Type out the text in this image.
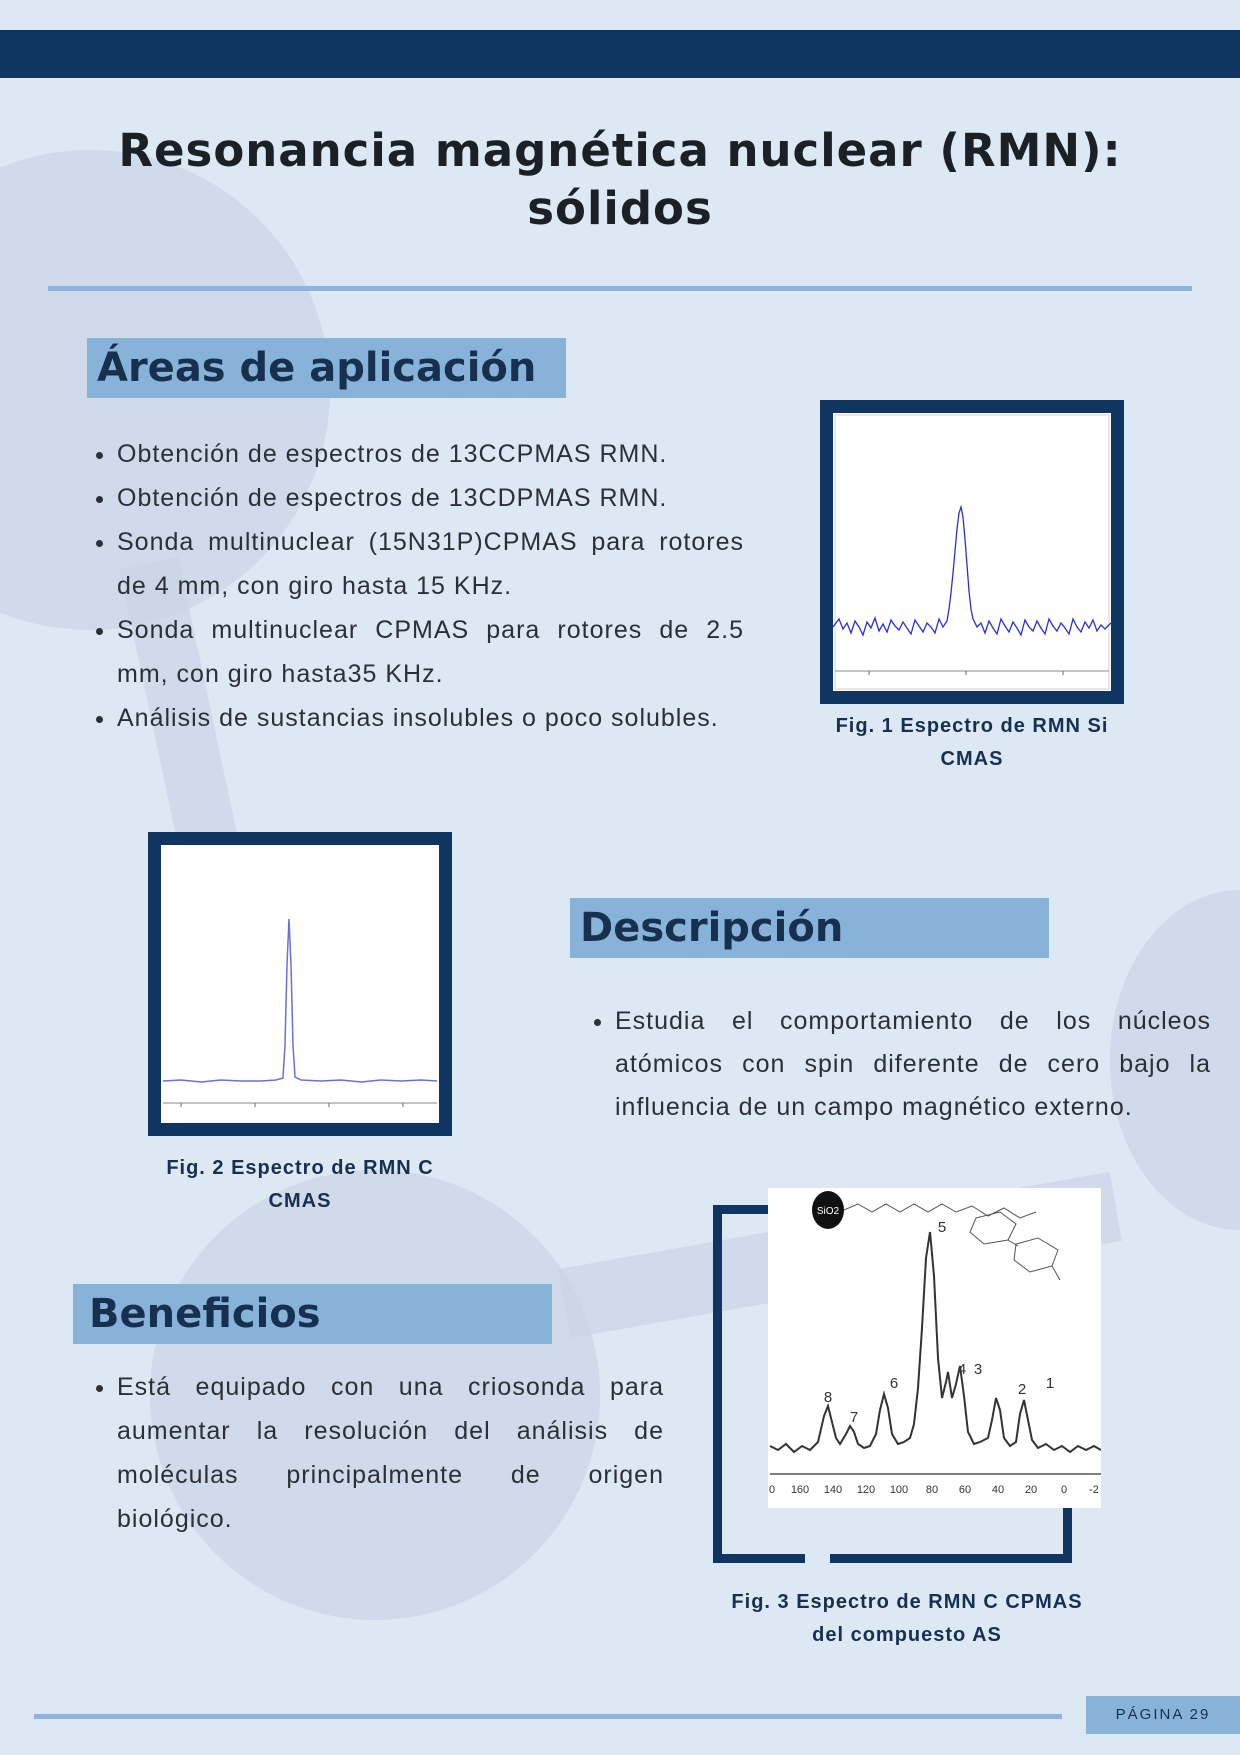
Resonancia magnética nuclear (RMN):
sólidos
Áreas de aplicación
• Obtención de espectros de 13CCPMAS RMN.
• Obtención de espectros de 13CDPMAS RMN.
• Sonda multinuclear (15N31P)CPMAS para rotores de 4 mm, con giro hasta 15 KHz.
• Sonda multinuclear CPMAS para rotores de 2.5 mm, con giro hasta35 KHz.
• Análisis de sustancias insolubles o poco solubles.	Fig. 1 Espectro de RMN Si
CMAS
Fig. 2 Espectro de RMN C
CMAS
Descripción
• Estudia el comportamiento de los núcleos atómicos con spin diferente de cero bajo la influencia de un campo magnético externo.
Beneficios
• Está equipado con una criosonda para aumentar la resolución del análisis de moléculas principalmente de origen biológico.
SiO2
8
7
6
5
4 3
2 1
0 160 140 120 100 80 60 40 20 0 -2
Fig. 3 Espectro de RMN C CPMAS
del compuesto AS
PÁGINA 29
